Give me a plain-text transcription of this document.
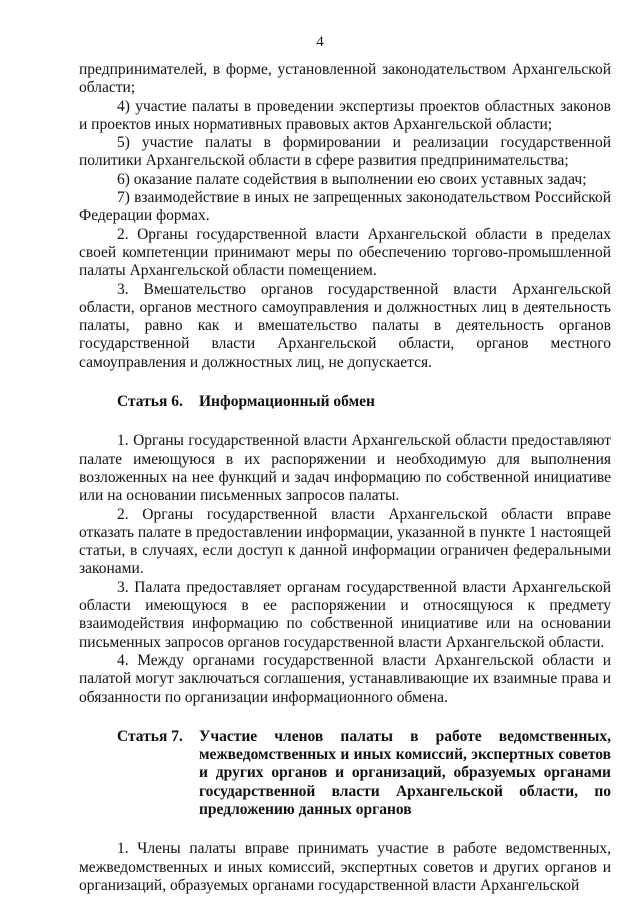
4

предпринимателей, в форме, установленной законодательством Архангельской области;

4) участие палаты в проведении экспертизы проектов областных законов и проектов иных нормативных правовых актов Архангельской области;

5) участие палаты в формировании и реализации государственной политики Архангельской области в сфере развития предпринимательства;

6) оказание палате содействия в выполнении ею своих уставных задач;

7) взаимодействие в иных не запрещенных законодательством Российской Федерации формах.

2. Органы государственной власти Архангельской области в пределах своей компетенции принимают меры по обеспечению торгово-промышленной палаты Архангельской области помещением.

3. Вмешательство органов государственной власти Архангельской области, органов местного самоуправления и должностных лиц в деятельность палаты, равно как и вмешательство палаты в деятельность органов государственной власти Архангельской области, органов местного самоуправления и должностных лиц, не допускается.

Статья 6.	Информационный обмен

1. Органы государственной власти Архангельской области предоставляют палате имеющуюся в их распоряжении и необходимую для выполнения возложенных на нее функций и задач информацию по собственной инициативе или на основании письменных запросов палаты.

2. Органы государственной власти Архангельской области вправе отказать палате в предоставлении информации, указанной в пункте 1 настоящей статьи, в случаях, если доступ к данной информации ограничен федеральными законами.

3. Палата предоставляет органам государственной власти Архангельской области имеющуюся в ее распоряжении и относящуюся к предмету взаимодействия информацию по собственной инициативе или на основании письменных запросов органов государственной власти Архангельской области.

4. Между органами государственной власти Архангельской области и палатой могут заключаться соглашения, устанавливающие их взаимные права и обязанности по организации информационного обмена.

Статья 7.	Участие членов палаты в работе ведомственных, межведомственных и иных комиссий, экспертных советов и других органов и организаций, образуемых органами государственной власти Архангельской области, по предложению данных органов

1. Члены палаты вправе принимать участие в работе ведомственных, межведомственных и иных комиссий, экспертных советов и других органов и организаций, образуемых органами государственной власти Архангельской
